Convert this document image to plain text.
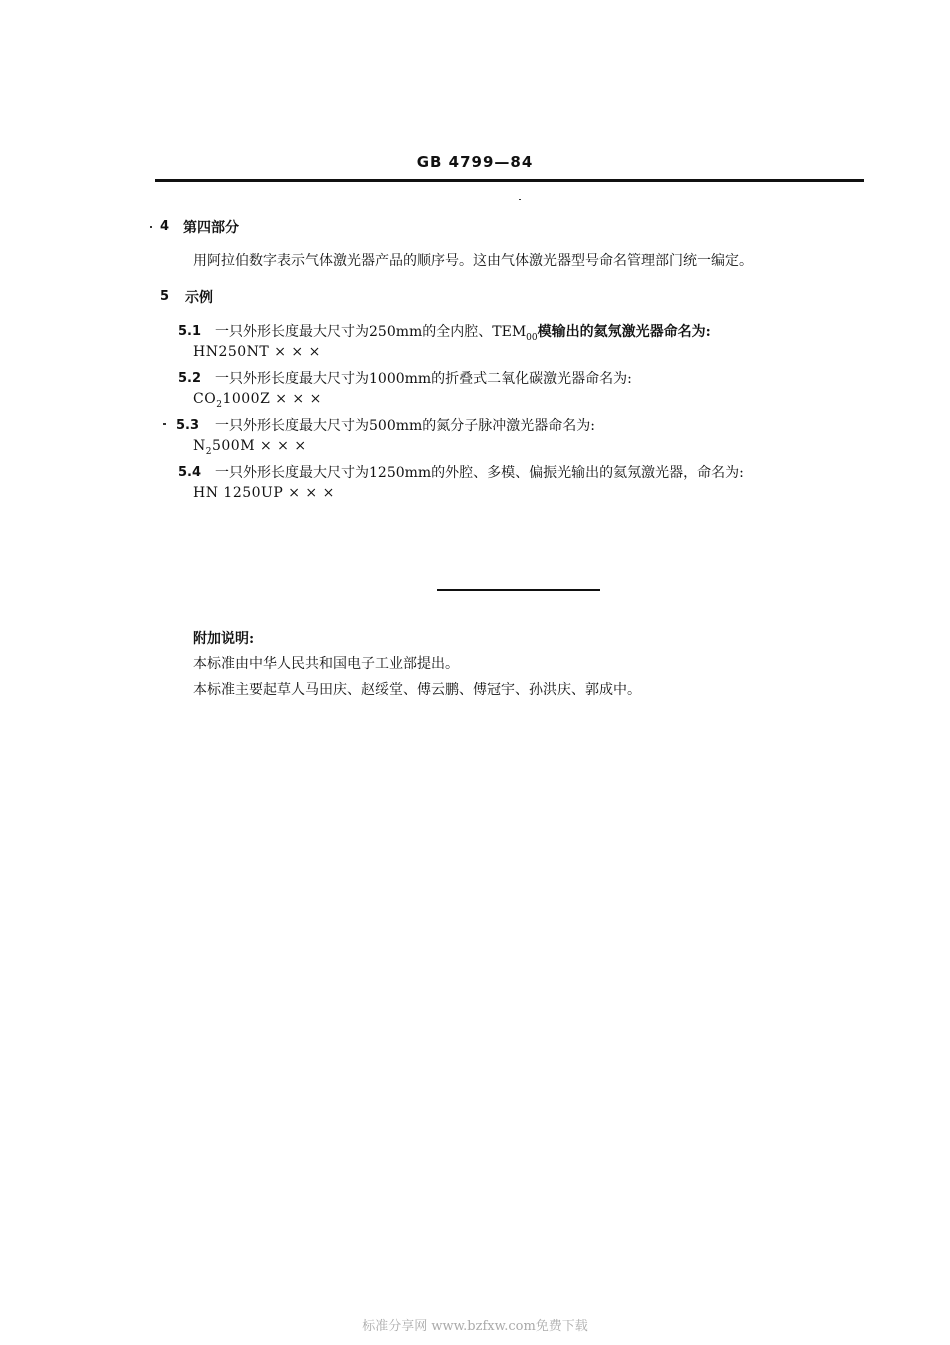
GB 4799—84
4 第四部分
用阿拉伯数字表示气体激光器产品的顺序号。这由气体激光器型号命名管理部门统一编定。
5 示例
5.1 一只外形长度最大尺寸为250mm的全内腔、$TEM_{00}$模输出的氦氖激光器命名为:
HN250NT × × ×
5.2 一只外形长度最大尺寸为1000mm的折叠式二氧化碳激光器命名为:
$CO_21000Z$ × × ×
5.3 一只外形长度最大尺寸为500mm的氮分子脉冲激光器命名为:
$N_2500M$ × × ×
5.4 一只外形长度最大尺寸为1250mm的外腔、多模、偏振光输出的氦氖激光器，命名为:
HN 1250UP × × ×
附加说明:
本标准由中华人民共和国电子工业部提出。
本标准主要起草人马田庆、赵绥堂、傅云鹏、傅冠宇、孙洪庆、郭成中。
标准分享网 www.bzfxw.com免费下载
